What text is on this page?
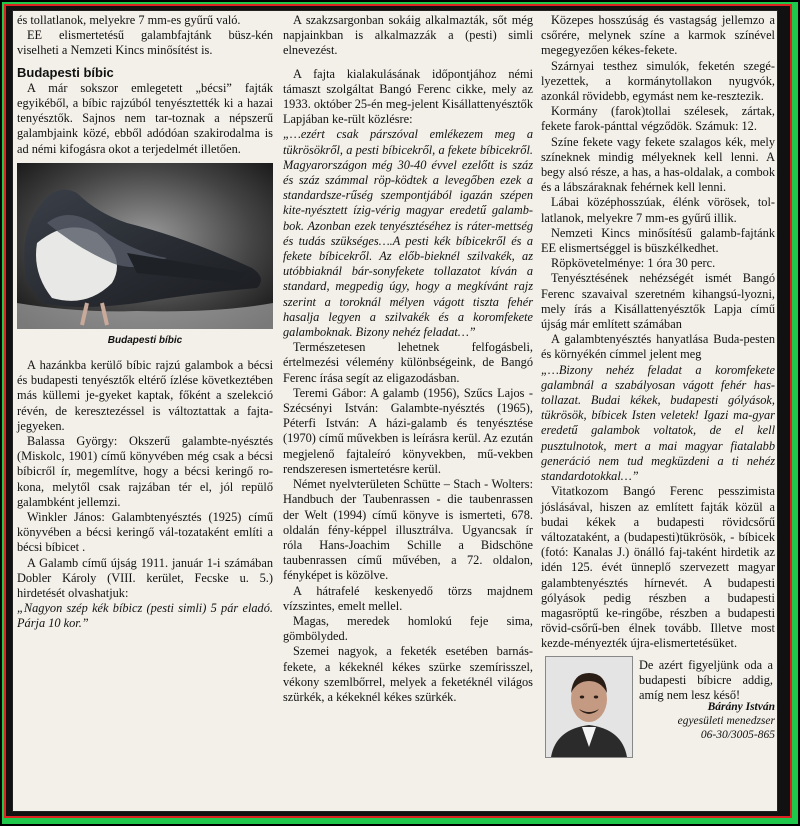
és tollatlanok, melyekre 7 mm-es gyűrű való.

EE elismertetésű galambfajtánk büsz-kén viselheti a Nemzeti Kincs minősítést is.

Budapesti bíbic

A már sokszor emlegetett „bécsi” fajták egyikéből, a bíbic rajzúból tenyésztették ki a hazai tenyésztők. Sajnos nem tar-toznak a népszerű galambjaink közé, ebből adódóan szakirodalma is ad némi kifogásra okot a terjedelmét illetően.

Budapesti bíbic

A hazánkba kerülő bíbic rajzú galambok a bécsi és budapesti tenyésztők eltérő ízlése következtében más küllemi je-gyeket kaptak, főként a szelekció révén, de keresztezéssel is változtattak a fajta-jegyeken.

Balassa György: Okszerű galambte-nyésztés (Miskolc, 1901) című könyvében még csak a bécsi bíbicről ír, megemlítve, hogy a bécsi keringő ro-kona, melytől csak rajzában tér el, jól repülő galambként jellemzi.

Winkler János: Galambtenyésztés (1925) című könyvében a bécsi keringő vál-tozataként említi a bécsi bíbicet .

A Galamb című újság 1911. január 1-i számában Dobler Károly (VIII. kerület, Fecske u. 5.) hirdetését olvashatjuk:

„Nagyon szép kék bíbicz (pesti simli) 5 pár eladó. Párja 10 kor.”

A szakzsargonban sokáig alkalmazták, sőt még napjainkban is alkalmazzák a (pesti) simli elnevezést.

A fajta kialakulásának időpontjához némi támaszt szolgáltat Bangó Ferenc cikke, mely az 1933. október 25-én meg-jelent Kisállattenyésztők Lapjában ke-rült közlésre:

„…ezért csak párszóval emlékezem meg a tükrösökről, a pesti bíbicekről, a fekete bíbicekről. Magyarországon még 30-40 évvel ezelőtt is száz és száz számmal röp-ködtek a levegőben ezek a standardsze-rűség szempontjából igazán szépen kite-nyésztett ízig-vérig magyar eredetű galamb-bok. Azonban ezek tenyésztéséhez is ráter-mettség és tudás szükséges….A pesti kék bíbicekről és a fekete bíbicekről. Az előb-bieknél szilvakék, az utóbbiaknál bár-sonyfekete tollazatot kíván a standard, megpedig úgy, hogy a megkívánt rajz szerint a toroknál mélyen vágott tiszta fehér hasalja legyen a szilvakék és a koromfekete galamboknak. Bizony nehéz feladat…”

Természetesen lehetnek felfogásbeli, értelmezési vélemény különbségeink, de Bangó Ferenc írása segít az eligazodásban.

Teremi Gábor: A galamb (1956), Szűcs Lajos - Szécsényi István: Galambte-nyésztés (1965), Péterfi István: A házi-galamb és tenyésztése (1970) című művekben is leírásra kerül. Az ezután megjelenő fajtaleíró könyvekben, mű-vekben rendszeresen ismertetésre kerül.

Német nyelvterületen Schütte – Stach - Wolters: Handbuch der Taubenrassen - die taubenrassen der Welt (1994) című könyve is ismerteti, 678. oldalán fény-képpel illusztrálva. Ugyancsak ír róla Hans-Joachim Schille a Bidschöne taubenrassen című művében, a 72. oldalon, fényképet is közölve.

A hátrafelé keskenyedő törzs majdnem vízszintes, emelt mellel.

Magas, meredek homlokú feje sima, gömbölyded.

Szemei nagyok, a feketék esetében barnás-fekete, a kékeknél kékes szürke szemírisszel, vékony szemlbőrrel, melyek a feketéknél világos szürkék, a kékeknél kékes szürkék.

Közepes hosszúság és vastagság jellemzo a csőrére, melynek színe a karmok színével megegyezően kékes-fekete.

Szárnyai testhez simulók, feketén szegé-lyezettek, a kormánytollakon nyugvók, azonkál rövidebb, egymást nem ke-resztezik.

Kormány (farok)tollai szélesek, zártak, fekete farok-pánttal végződök. Számuk: 12.

Színe fekete vagy fekete szalagos kék, mely színeknek mindig mélyeknek kell lenni. A begy alsó része, a has, a has-oldalak, a combok és a lábszáraknak fehérnek kell lenni.

Lábai középhosszúak, élénk vörösek, tol-latlanok, melyekre 7 mm-es gyűrű illik.

Nemzeti Kincs minősítésű galamb-fajtánk EE elismertséggel is büszkélkedhet.

Röpkövetelménye: 1 óra 30 perc.

Tenyésztésének nehézségét ismét Bangó Ferenc szavaival szeretném kihangsú-lyozni, mely írás a Kisállattenyésztők Lapja című újság már említett számában

A galambtenyésztés hanyatlása Buda-pesten és környékén címmel jelent meg

„…Bizony nehéz feladat a koromfekete galambnál a szabályosan vágott fehér has-tollazat. Budai kékek, budapesti gólyások, tükrösök, bíbicek Isten veletek! Igazi ma-gyar eredetű galambok voltatok, de el kell pusztulnotok, mert a mai magyar fiatalabb generáció nem tud megküzdeni a ti nehéz standardotokkal…”

Vitatkozom Bangó Ferenc pesszimista jóslásával, hiszen az említett fajták közül a budai kékek a budapesti rövidcsőrű változataként, a (budapesti)tükrösök, - bíbicek (fotó: Kanalas J.) önálló faj-taként hirdetik az idén 125. évét ünneplő szervezett magyar galambtenyésztés hírnevét. A budapesti gólyások pedig részben a budapesti magasröptű ke-ringőbe, részben a budapesti rövid-csőrű-ben élnek tovább. Illetve most kezde-ményezték újra-elismertetésüket.

De azért figyeljünk oda a budapesti bíbicre addig, amíg nem lesz késő!
Bárány István
egyesületi menedzser
06-30/3005-865
